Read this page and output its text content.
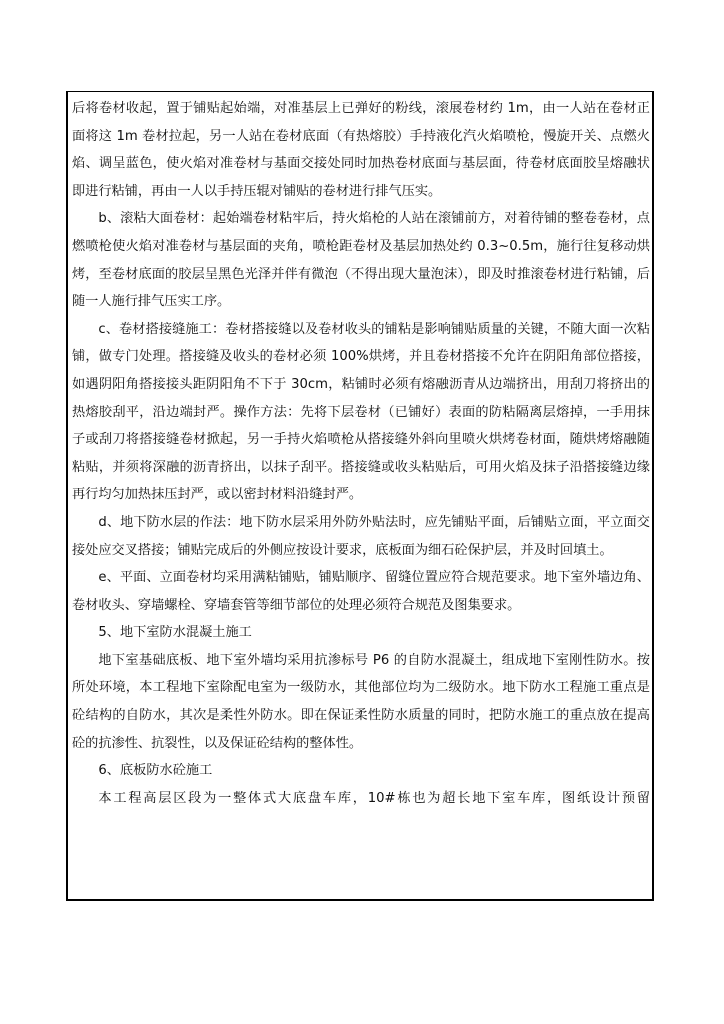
后将卷材收起，置于铺贴起始端，对准基层上已弹好的粉线，滚展卷材约 1m，由一人站在卷材正面将这 1m 卷材拉起，另一人站在卷材底面（有热熔胶）手持液化汽火焰喷枪，慢旋开关、点燃火焰、调呈蓝色，使火焰对准卷材与基面交接处同时加热卷材底面与基层面，待卷材底面胶呈熔融状即进行粘铺，再由一人以手持压辊对铺贴的卷材进行排气压实。

b、滚粘大面卷材：起始端卷材粘牢后，持火焰枪的人站在滚铺前方，对着待铺的整卷卷材，点燃喷枪使火焰对准卷材与基层面的夹角，喷枪距卷材及基层加热处约 0.3~0.5m，施行往复移动烘烤，至卷材底面的胶层呈黑色光泽并伴有微泡（不得出现大量泡沫），即及时推滚卷材进行粘铺，后随一人施行排气压实工序。

c、卷材搭接缝施工：卷材搭接缝以及卷材收头的铺粘是影响铺贴质量的关键，不随大面一次粘铺，做专门处理。搭接缝及收头的卷材必须 100%烘烤，并且卷材搭接不允许在阴阳角部位搭接，如遇阴阳角搭接接头距阴阳角不下于 30cm，粘铺时必须有熔融沥青从边端挤出，用刮刀将挤出的热熔胶刮平，沿边端封严。操作方法：先将下层卷材（已铺好）表面的防粘隔离层熔掉，一手用抹子或刮刀将搭接缝卷材掀起，另一手持火焰喷枪从搭接缝外斜向里喷火烘烤卷材面，随烘烤熔融随粘贴，并须将深融的沥青挤出，以抹子刮平。搭接缝或收头粘贴后，可用火焰及抹子沿搭接缝边缘再行均匀加热抹压封严，或以密封材料沿缝封严。

d、地下防水层的作法：地下防水层采用外防外贴法时，应先铺贴平面，后铺贴立面，平立面交接处应交叉搭接；铺贴完成后的外侧应按设计要求，底板面为细石砼保护层，并及时回填土。

e、平面、立面卷材均采用满粘铺贴，铺贴顺序、留缝位置应符合规范要求。地下室外墙边角、卷材收头、穿墙螺栓、穿墙套管等细节部位的处理必须符合规范及图集要求。

5、地下室防水混凝土施工

地下室基础底板、地下室外墙均采用抗渗标号 P6 的自防水混凝土，组成地下室刚性防水。按所处环境，本工程地下室除配电室为一级防水，其他部位均为二级防水。地下防水工程施工重点是砼结构的自防水，其次是柔性外防水。即在保证柔性防水质量的同时，把防水施工的重点放在提高砼的抗渗性、抗裂性，以及保证砼结构的整体性。

6、底板防水砼施工

本工程高层区段为一整体式大底盘车库，10#栋也为超长地下室车库，图纸设计预留
